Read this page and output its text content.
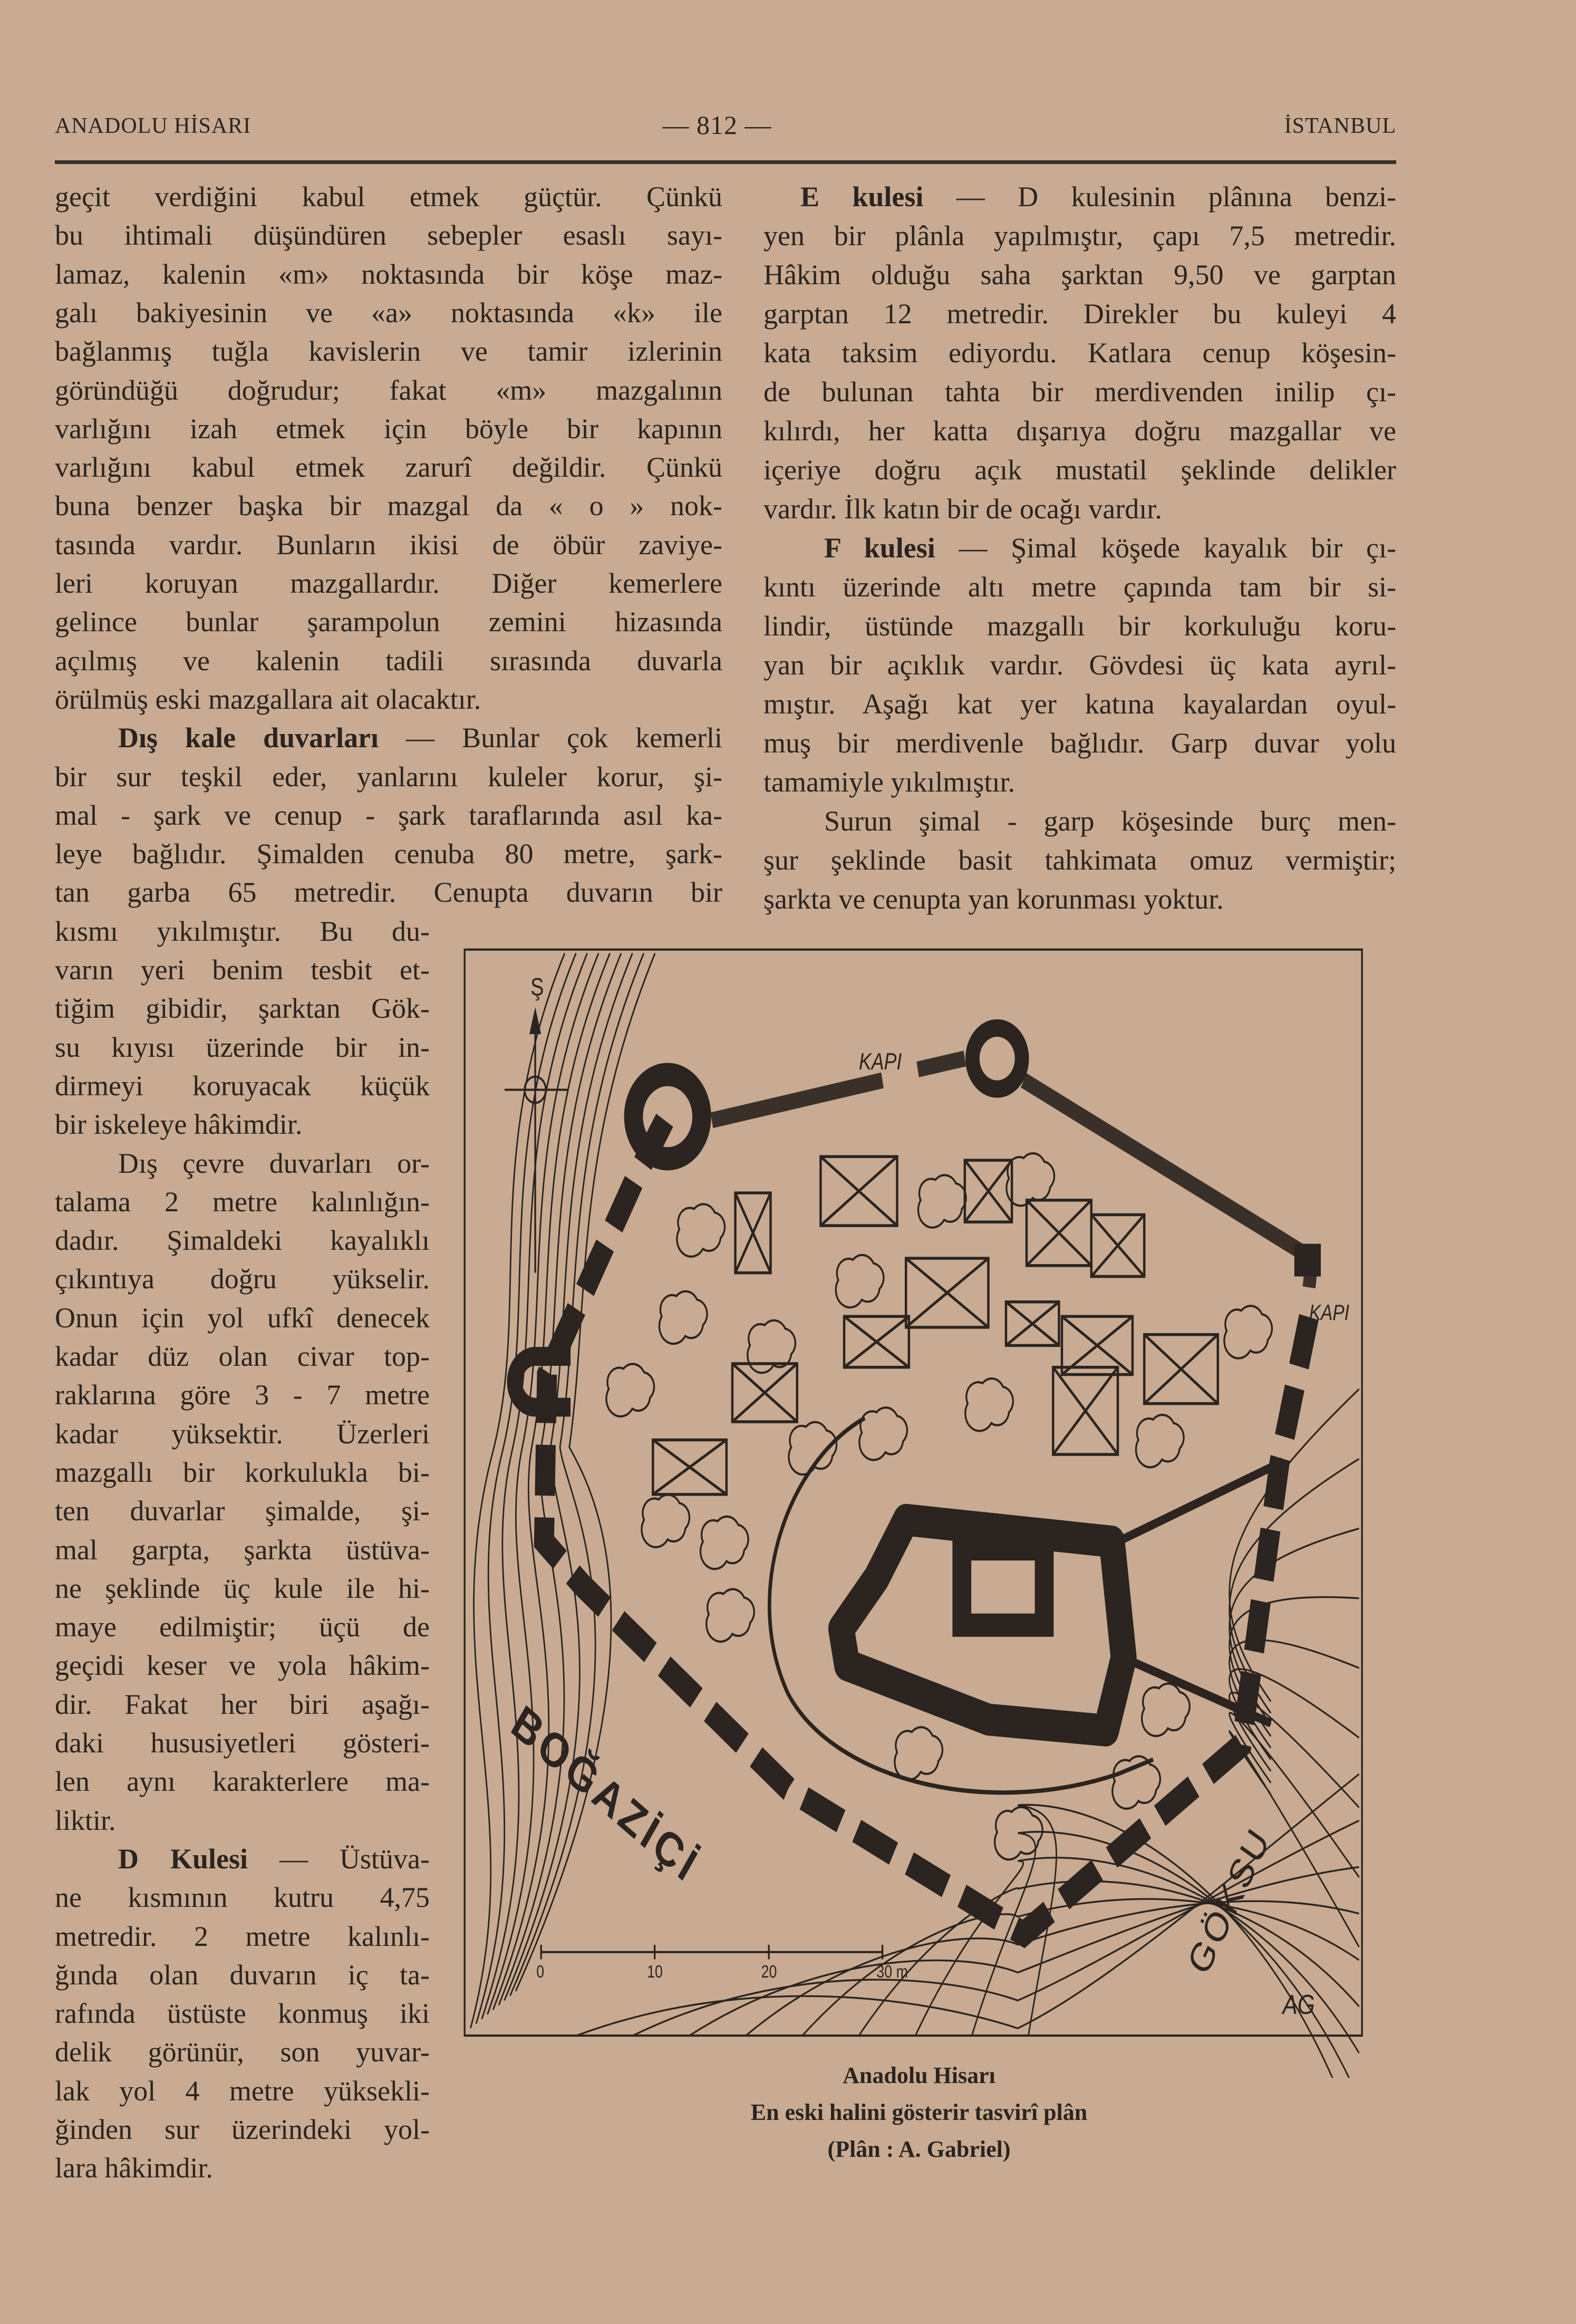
ANADOLU HİSARI	— 812 —	İSTANBUL
geçit verdiğini kabul etmek güçtür. Çünkü
bu ihtimali düşündüren sebepler esaslı sayı-
lamaz, kalenin «m» noktasında bir köşe maz-
galı bakiyesinin ve «a» noktasında «k» ile
bağlanmış tuğla kavislerin ve tamir izlerinin
göründüğü doğrudur; fakat «m» mazgalının
varlığını izah etmek için böyle bir kapının
varlığını kabul etmek zarurî değildir. Çünkü
buna benzer başka bir mazgal da « o » nok-
tasında vardır. Bunların ikisi de öbür zaviye-
leri koruyan mazgallardır. Diğer kemerlere
gelince bunlar şarampolun zemini hizasında
açılmış ve kalenin tadili sırasında duvarla
örülmüş eski mazgallara ait olacaktır.
Dış kale duvarları — Bunlar çok kemerli
bir sur teşkil eder, yanlarını kuleler korur, şi-
mal - şark ve cenup - şark taraflarında asıl ka-
leye bağlıdır. Şimalden cenuba 80 metre, şark-
tan garba 65 metredir. Cenupta duvarın bir
kısmı yıkılmıştır. Bu du-
varın yeri benim tesbit et-
tiğim gibidir, şarktan Gök-
su kıyısı üzerinde bir in-
dirmeyi koruyacak küçük
bir iskeleye hâkimdir.
Dış çevre duvarları or-
talama 2 metre kalınlığın-
dadır. Şimaldeki kayalıklı
çıkıntıya doğru yükselir.
Onun için yol ufkî denecek
kadar düz olan civar top-
raklarına göre 3 - 7 metre
kadar yüksektir. Üzerleri
mazgallı bir korkulukla bi-
ten duvarlar şimalde, şi-
mal garpta, şarkta üstüva-
ne şeklinde üç kule ile hi-
maye edilmiştir; üçü de
geçidi keser ve yola hâkim-
dir. Fakat her biri aşağı-
daki hususiyetleri gösteri-
len aynı karakterlere ma-
liktir.
D Kulesi — Üstüva-
ne kısmının kutru 4,75
metredir. 2 metre kalınlı-
ğında olan duvarın iç ta-
rafında üstüste konmuş iki
delik görünür, son yuvar-
lak yol 4 metre yüksekli-
ğinden sur üzerindeki yol-
lara hâkimdir.
E kulesi — D kulesinin plânına benzi-
yen bir plânla yapılmıştır, çapı 7,5 metredir.
Hâkim olduğu saha şarktan 9,50 ve garptan
garptan 12 metredir. Direkler bu kuleyi 4
kata taksim ediyordu. Katlara cenup köşesin-
de bulunan tahta bir merdivenden inilip çı-
kılırdı, her katta dışarıya doğru mazgallar ve
içeriye doğru açık mustatil şeklinde delikler
vardır. İlk katın bir de ocağı vardır.
F kulesi — Şimal köşede kayalık bir çı-
kıntı üzerinde altı metre çapında tam bir si-
lindir, üstünde mazgallı bir korkuluğu koru-
yan bir açıklık vardır. Gövdesi üç kata ayrıl-
mıştır. Aşağı kat yer katına kayalardan oyul-
muş bir merdivenle bağlıdır. Garp duvar yolu
tamamiyle yıkılmıştır.
Surun şimal - garp köşesinde burç men-
şur şeklinde basit tahkimata omuz vermiştir;
şarkta ve cenupta yan korunması yoktur.
Ş
KAPI
KAPI
BOĞAZİÇİ
GÖKSU
AG
0	10	20	30 m
Anadolu Hisarı
En eski halini gösterir tasvirî plân
(Plân : A. Gabriel)
